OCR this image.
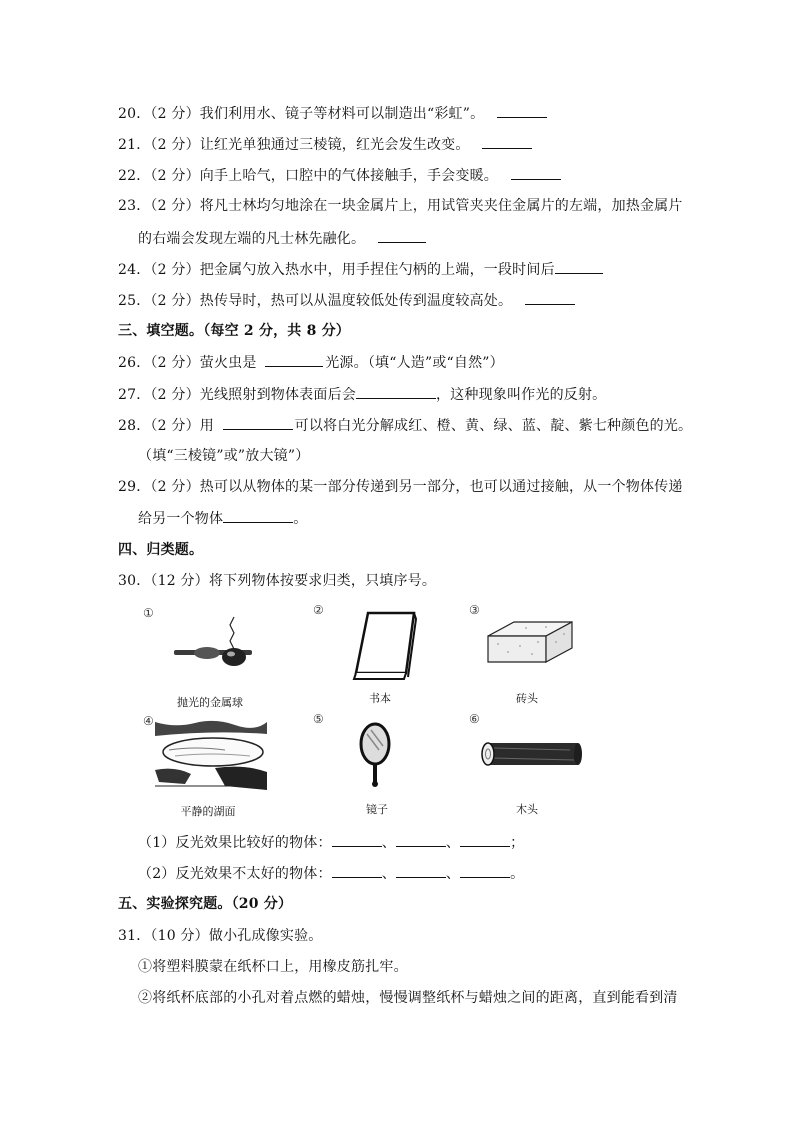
20．（2 分）我们利用水、镜子等材料可以制造出“彩虹”。
21．（2 分）让红光单独通过三棱镜，红光会发生改变。
22．（2 分）向手上哈气，口腔中的气体接触手，手会变暖。
23．（2 分）将凡士林均匀地涂在一块金属片上，用试管夹夹住金属片的左端，加热金属片
的右端会发现左端的凡士林先融化。
24．（2 分）把金属勺放入热水中，用手捏住勺柄的上端，一段时间后
25．（2 分）热传导时，热可以从温度较低处传到温度较高处。
三、填空题。（每空 2 分，共 8 分）
26．（2 分）萤火虫是	光源。（填“人造”或“自然”）
27．（2 分）光线照射到物体表面后会	，这种现象叫作光的反射。
28．（2 分）用	可以将白光分解成红、橙、黄、绿、蓝、靛、紫七种颜色的光。
（填“三棱镜”或”放大镜”）
29．（2 分）热可以从物体的某一部分传递到另一部分，也可以通过接触，从一个物体传递
给另一个物体	。
四、归类题。
30．（12 分）将下列物体按要求归类，只填序号。
①	②	③
④	⑤	⑥
抛光的金属球	书本	砖头
平静的湖面	镜子	木头
（1）反光效果比较好的物体：	、	、	；
（2）反光效果不太好的物体：	、	、	。
五、实验探究题。（20 分）
31．（10 分）做小孔成像实验。
①将塑料膜蒙在纸杯口上，用橡皮筋扎牢。
②将纸杯底部的小孔对着点燃的蜡烛，慢慢调整纸杯与蜡烛之间的距离，直到能看到清
